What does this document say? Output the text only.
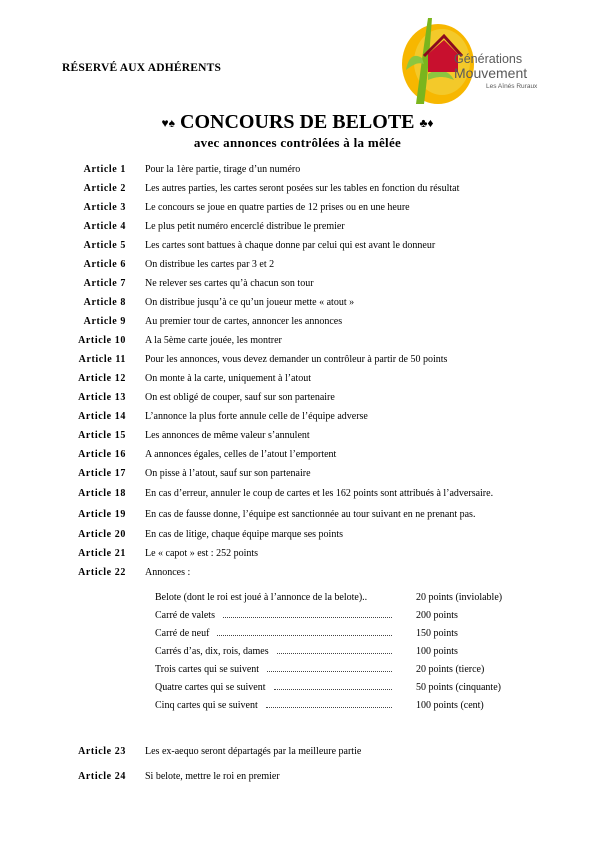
RÉSERVÉ AUX ADHÉRENTS
Générations
Mouvement
Les Aînés Ruraux
♥♠ CONCOURS DE BELOTE ♣♦
avec annonces contrôlées à la mêlée
Article 1 Pour la 1ère partie, tirage d’un numéro
Article 2 Les autres parties, les cartes seront posées sur les tables en fonction du résultat
Article 3 Le concours se joue en quatre parties de 12 prises ou en une heure
Article 4 Le plus petit numéro encerclé distribue le premier
Article 5 Les cartes sont battues à chaque donne par celui qui est avant le donneur
Article 6 On distribue les cartes par 3 et 2
Article 7 Ne relever ses cartes qu’à chacun son tour
Article 8 On distribue jusqu’à ce qu’un joueur mette « atout »
Article 9 Au premier tour de cartes, annoncer les annonces
Article 10 A la 5ème carte jouée, les montrer
Article 11 Pour les annonces, vous devez demander un contrôleur à partir de 50 points
Article 12 On monte à la carte, uniquement à l’atout
Article 13 On est obligé de couper, sauf sur son partenaire
Article 14 L’annonce la plus forte annule celle de l’équipe adverse
Article 15 Les annonces de même valeur s’annulent
Article 16 A annonces égales, celles de l’atout l’emportent
Article 17 On pisse à l’atout, sauf sur son partenaire
Article 18 En cas d’erreur, annuler le coup de cartes et les 162 points sont attribués à l’adversaire.
Article 19 En cas de fausse donne, l’équipe est sanctionnée au tour suivant en ne prenant pas.
Article 20 En cas de litige, chaque équipe marque ses points
Article 21 Le « capot » est : 252 points
Article 22 Annonces :
Article 23 Les ex-aequo seront départagés par la meilleure partie
Article 24 Si belote, mettre le roi en premier
Belote (dont le roi est joué à l’annonce de la belote)..	20 points (inviolable)
Carré de valets	200 points
Carré de neuf	150 points
Carrés d’as, dix, rois, dames	100 points
Trois cartes qui se suivent	20 points (tierce)
Quatre cartes qui se suivent	50 points (cinquante)
Cinq cartes qui se suivent	100 points (cent)
